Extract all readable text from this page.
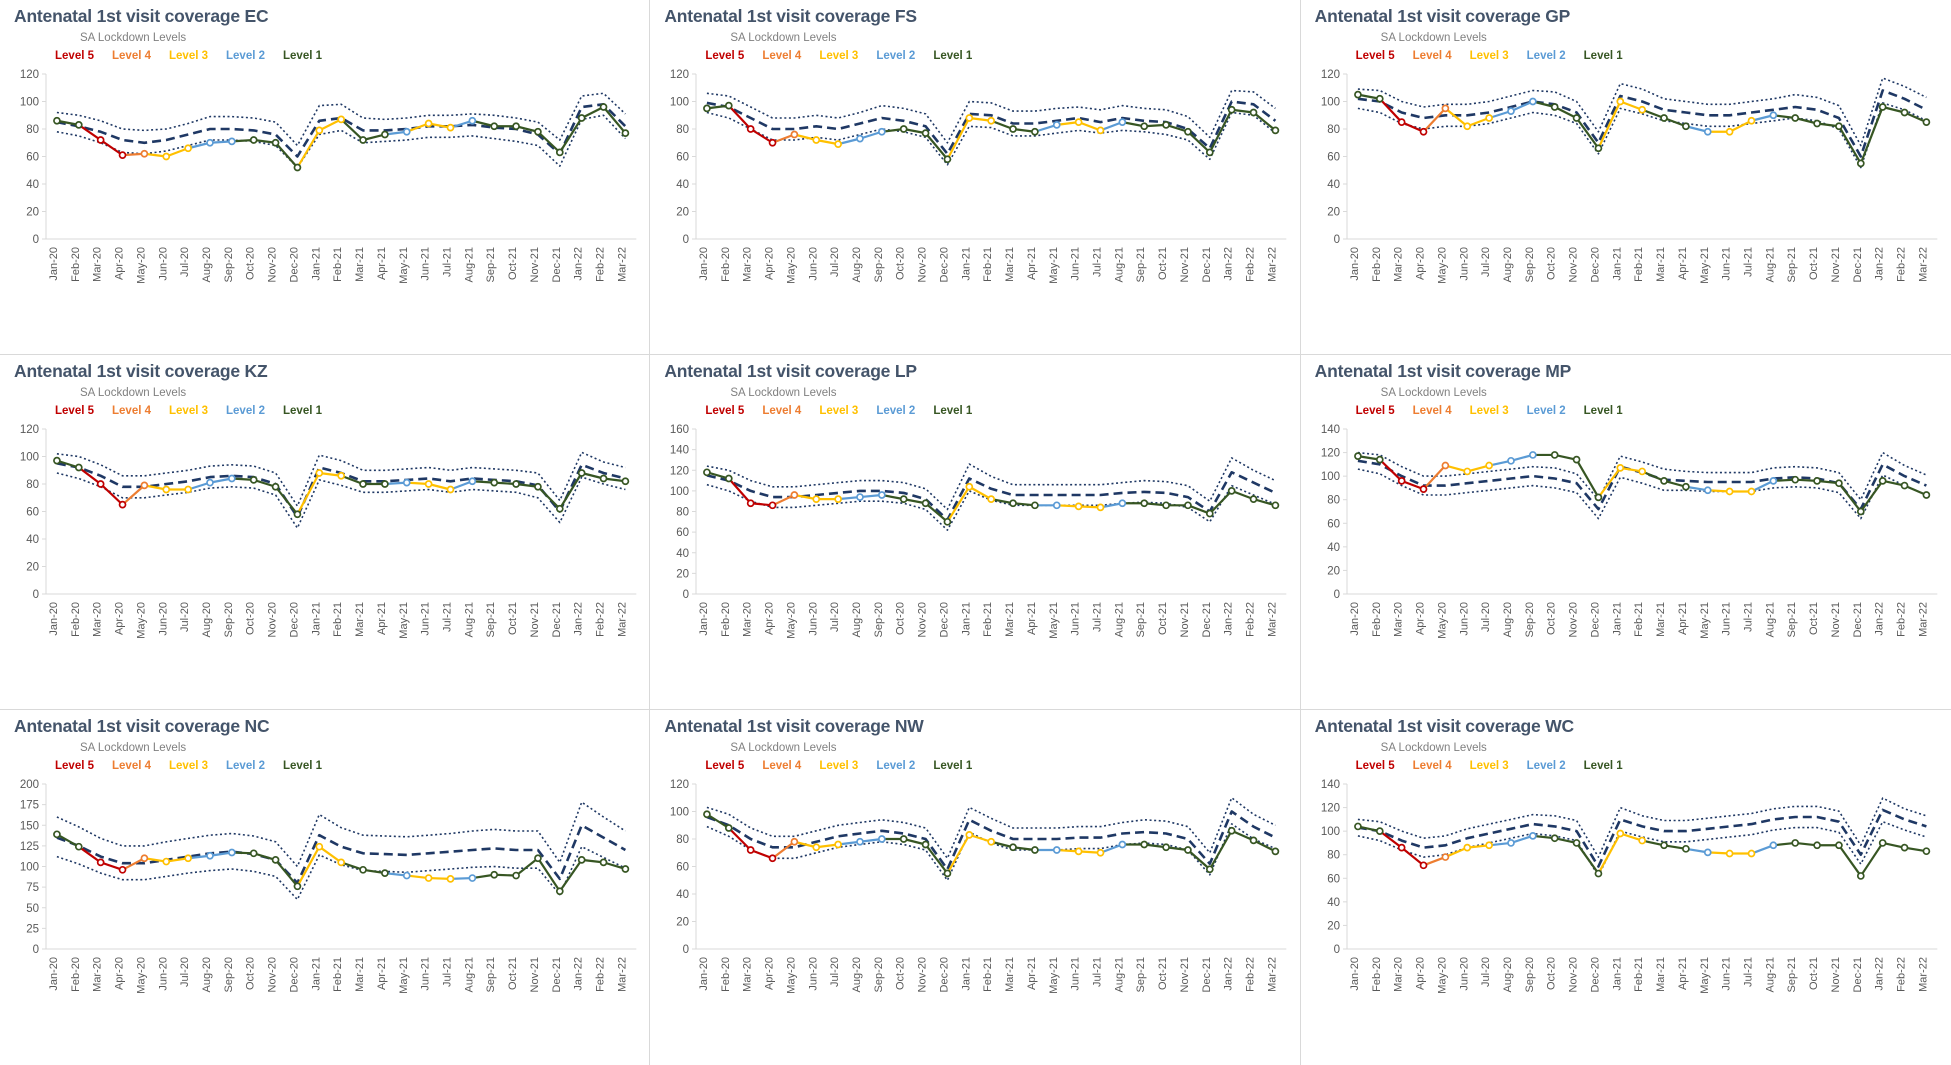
Antenatal 1st visit coverage EC
SA Lockdown Levels
Level 5 Level 4 Level 3 Level 2 Level 1
0
20
40
60
80
100
120
Jan-20 Feb-20 Mar-20 Apr-20 May-20 Jun-20 Jul-20 Aug-20 Sep-20 Oct-20 Nov-20 Dec-20 Jan-21 Feb-21 Mar-21 Apr-21 May-21 Jun-21 Jul-21 Aug-21 Sep-21 Oct-21 Nov-21 Dec-21 Jan-22 Feb-22 Mar-22
Antenatal 1st visit coverage FS
SA Lockdown Levels
Level 5 Level 4 Level 3 Level 2 Level 1
0
20
40
60
80
100
120
Jan-20 Feb-20 Mar-20 Apr-20 May-20 Jun-20 Jul-20 Aug-20 Sep-20 Oct-20 Nov-20 Dec-20 Jan-21 Feb-21 Mar-21 Apr-21 May-21 Jun-21 Jul-21 Aug-21 Sep-21 Oct-21 Nov-21 Dec-21 Jan-22 Feb-22 Mar-22
Antenatal 1st visit coverage GP
SA Lockdown Levels
Level 5 Level 4 Level 3 Level 2 Level 1
0
20
40
60
80
100
120
Jan-20 Feb-20 Mar-20 Apr-20 May-20 Jun-20 Jul-20 Aug-20 Sep-20 Oct-20 Nov-20 Dec-20 Jan-21 Feb-21 Mar-21 Apr-21 May-21 Jun-21 Jul-21 Aug-21 Sep-21 Oct-21 Nov-21 Dec-21 Jan-22 Feb-22 Mar-22
Antenatal 1st visit coverage KZ
SA Lockdown Levels
Level 5 Level 4 Level 3 Level 2 Level 1
0
20
40
60
80
100
120
Jan-20 Feb-20 Mar-20 Apr-20 May-20 Jun-20 Jul-20 Aug-20 Sep-20 Oct-20 Nov-20 Dec-20 Jan-21 Feb-21 Mar-21 Apr-21 May-21 Jun-21 Jul-21 Aug-21 Sep-21 Oct-21 Nov-21 Dec-21 Jan-22 Feb-22 Mar-22
Antenatal 1st visit coverage LP
SA Lockdown Levels
Level 5 Level 4 Level 3 Level 2 Level 1
0
20
40
60
80
100
120
140
160
Jan-20 Feb-20 Mar-20 Apr-20 May-20 Jun-20 Jul-20 Aug-20 Sep-20 Oct-20 Nov-20 Dec-20 Jan-21 Feb-21 Mar-21 Apr-21 May-21 Jun-21 Jul-21 Aug-21 Sep-21 Oct-21 Nov-21 Dec-21 Jan-22 Feb-22 Mar-22
Antenatal 1st visit coverage MP
SA Lockdown Levels
Level 5 Level 4 Level 3 Level 2 Level 1
0
20
40
60
80
100
120
140
Jan-20 Feb-20 Mar-20 Apr-20 May-20 Jun-20 Jul-20 Aug-20 Sep-20 Oct-20 Nov-20 Dec-20 Jan-21 Feb-21 Mar-21 Apr-21 May-21 Jun-21 Jul-21 Aug-21 Sep-21 Oct-21 Nov-21 Dec-21 Jan-22 Feb-22 Mar-22
Antenatal 1st visit coverage NC
SA Lockdown Levels
Level 5 Level 4 Level 3 Level 2 Level 1
0
25
50
75
100
125
150
175
200
Jan-20 Feb-20 Mar-20 Apr-20 May-20 Jun-20 Jul-20 Aug-20 Sep-20 Oct-20 Nov-20 Dec-20 Jan-21 Feb-21 Mar-21 Apr-21 May-21 Jun-21 Jul-21 Aug-21 Sep-21 Oct-21 Nov-21 Dec-21 Jan-22 Feb-22 Mar-22
Antenatal 1st visit coverage NW
SA Lockdown Levels
Level 5 Level 4 Level 3 Level 2 Level 1
0
20
40
60
80
100
120
Jan-20 Feb-20 Mar-20 Apr-20 May-20 Jun-20 Jul-20 Aug-20 Sep-20 Oct-20 Nov-20 Dec-20 Jan-21 Feb-21 Mar-21 Apr-21 May-21 Jun-21 Jul-21 Aug-21 Sep-21 Oct-21 Nov-21 Dec-21 Jan-22 Feb-22 Mar-22
Antenatal 1st visit coverage WC
SA Lockdown Levels
Level 5 Level 4 Level 3 Level 2 Level 1
0
20
40
60
80
100
120
140
Jan-20 Feb-20 Mar-20 Apr-20 May-20 Jun-20 Jul-20 Aug-20 Sep-20 Oct-20 Nov-20 Dec-20 Jan-21 Feb-21 Mar-21 Apr-21 May-21 Jun-21 Jul-21 Aug-21 Sep-21 Oct-21 Nov-21 Dec-21 Jan-22 Feb-22 Mar-22
